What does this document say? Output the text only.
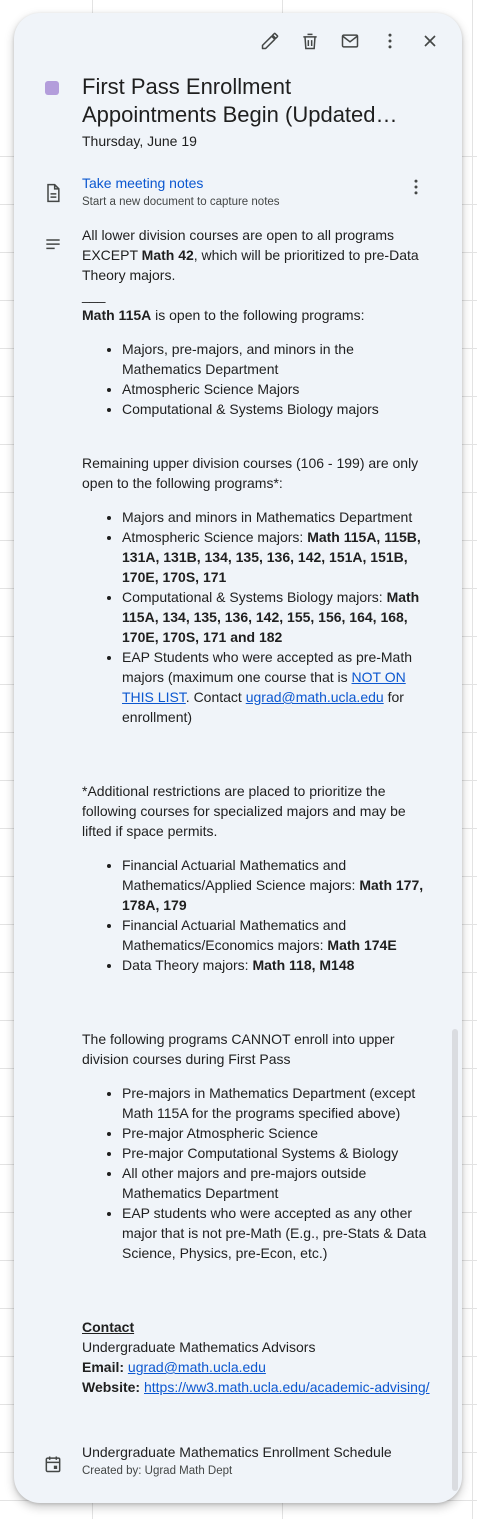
First Pass Enrollment Appointments Begin (Updated
Thursday, June 19
Take meeting notes
Start a new document to capture notes

All lower division courses are open to all programs EXCEPT Math 42, which will be prioritized to pre-Data Theory majors.

___

Math 115A is open to the following programs:

• Majors, pre-majors, and minors in the Mathematics Department
• Atmospheric Science Majors
• Computational & Systems Biology majors

Remaining upper division courses (106 - 199) are only open to the following programs*:

• Majors and minors in Mathematics Department
• Atmospheric Science majors: Math 115A, 115B, 131A, 131B, 134, 135, 136, 142, 151A, 151B, 170E, 170S, 171
• Computational & Systems Biology majors: Math 115A, 134, 135, 136, 142, 155, 156, 164, 168, 170E, 170S, 171 and 182
• EAP Students who were accepted as pre-Math majors (maximum one course that is NOT ON THIS LIST. Contact ugrad@math.ucla.edu for enrollment)

*Additional restrictions are placed to prioritize the following courses for specialized majors and may be lifted if space permits.

• Financial Actuarial Mathematics and Mathematics/Applied Science majors: Math 177, 178A, 179
• Financial Actuarial Mathematics and Mathematics/Economics majors: Math 174E
• Data Theory majors: Math 118, M148

The following programs CANNOT enroll into upper division courses during First Pass

• Pre-majors in Mathematics Department (except Math 115A for the programs specified above)
• Pre-major Atmospheric Science
• Pre-major Computational Systems & Biology
• All other majors and pre-majors outside Mathematics Department
• EAP students who were accepted as any other major that is not pre-Math (E.g., pre-Stats & Data Science, Physics, pre-Econ, etc.)

Contact

Undergraduate Mathematics Advisors

Email: ugrad@math.ucla.edu

Website: https://ww3.math.ucla.edu/academic-advising/

Undergraduate Mathematics Enrollment Schedule
Created by: Ugrad Math Dept
